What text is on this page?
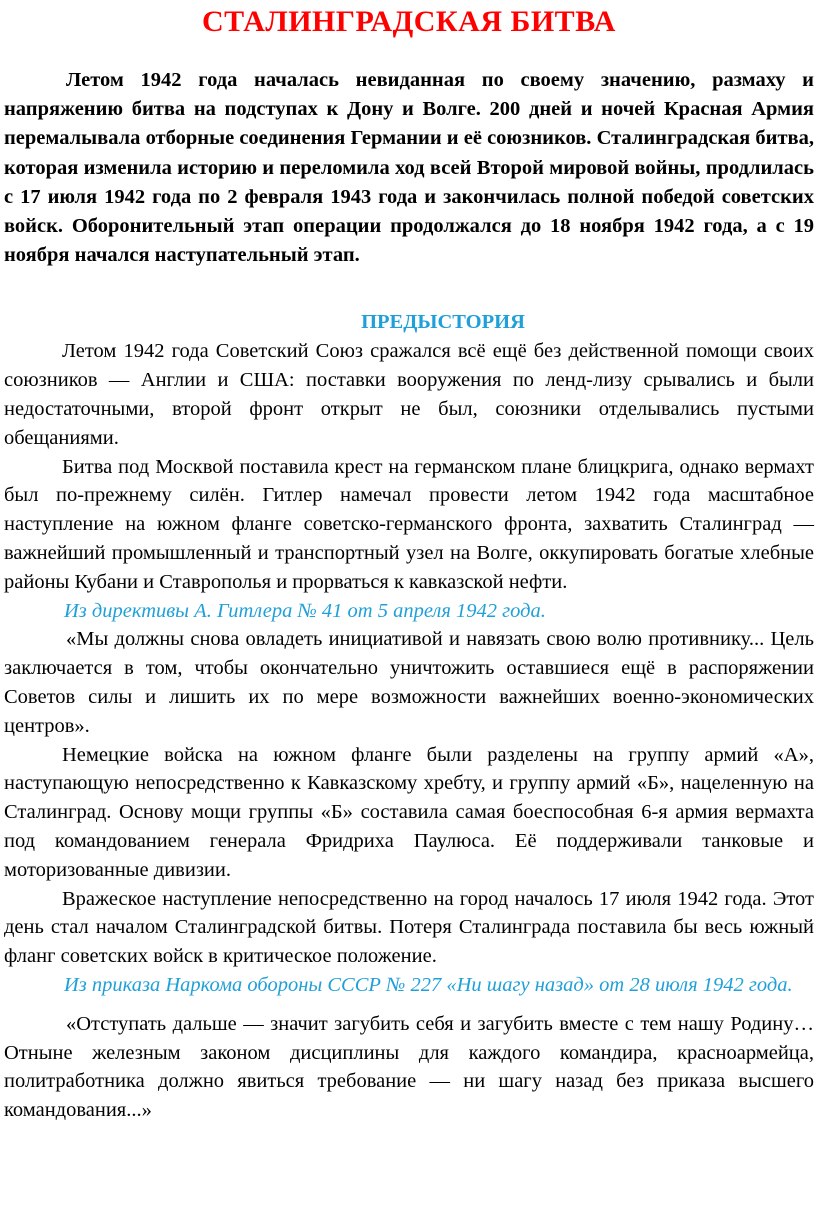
СТАЛИНГРАДСКАЯ БИТВА

Летом 1942 года началась невиданная по своему значению, размаху и напряжению битва на подступах к Дону и Волге. 200 дней и ночей Красная Армия перемалывала отборные соединения Германии и её союзников. Сталинградская битва, которая изменила историю и переломила ход всей Второй мировой войны, продлилась с 17 июля 1942 года по 2 февраля 1943 года и закончилась полной победой советских войск. Оборонительный этап операции продолжался до 18 ноября 1942 года, а с 19 ноября начался наступательный этап.

ПРЕДЫСТОРИЯ

Летом 1942 года Советский Союз сражался всё ещё без действенной помощи своих союзников — Англии и США: поставки вооружения по ленд-лизу срывались и были недостаточными, второй фронт открыт не был, союзники отделывались пустыми обещаниями.

Битва под Москвой поставила крест на германском плане блицкрига, однако вермахт был по-прежнему силён. Гитлер намечал провести летом 1942 года масштабное наступление на южном фланге советско-германского фронта, захватить Сталинград — важнейший промышленный и транспортный узел на Волге, оккупировать богатые хлебные районы Кубани и Ставрополья и прорваться к кавказской нефти.

Из директивы А. Гитлера № 41 от 5 апреля 1942 года.

«Мы должны снова овладеть инициативой и навязать свою волю противнику... Цель заключается в том, чтобы окончательно уничтожить оставшиеся ещё в распоряжении Советов силы и лишить их по мере возможности важнейших военно-экономических центров».

Немецкие войска на южном фланге были разделены на группу армий «А», наступающую непосредственно к Кавказскому хребту, и группу армий «Б», нацеленную на Сталинград. Основу мощи группы «Б» составила самая боеспособная 6-я армия вермахта под командованием генерала Фридриха Паулюса. Её поддерживали танковые и моторизованные дивизии.

Вражеское наступление непосредственно на город началось 17 июля 1942 года. Этот день стал началом Сталинградской битвы. Потеря Сталинграда поставила бы весь южный фланг советских войск в критическое положение.

Из приказа Наркома обороны СССР № 227 «Ни шагу назад» от 28 июля 1942 года.

«Отступать дальше — значит загубить себя и загубить вместе с тем нашу Родину… Отныне железным законом дисциплины для каждого командира, красноармейца, политработника должно явиться требование — ни шагу назад без приказа высшего командования...»
